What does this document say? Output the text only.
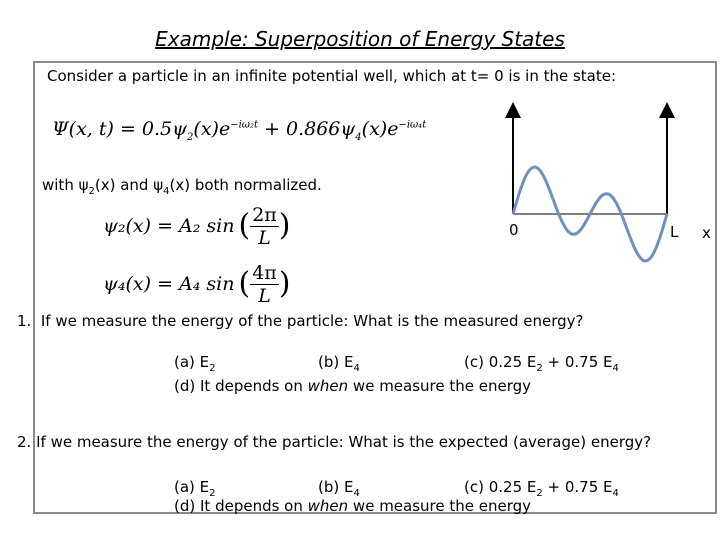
Example: Superposition of Energy States
Consider a particle in an infinite potential well, which at t= 0 is in the state:
Ψ(x, $t) = 0.5\psi_2(x)e^{-i\omega_2t} + 0.866\psi_4(x)e^{-i\omega_4t}$
with $\psi_2(x)$ and $\psi_4(x)$ both normalized.
ψ₂(x) = A₂ sin ( $\frac{2\pi}{L}$ )
ψ₄(x) = A₄ sin ( $\frac{4\pi}{L}$ )
0	L x
1. If we measure the energy of the particle: What is the measured energy?
(a) $E_2$	(b) $E_4$	(c) 0.25 $E_2 + 0.75$ $E_4$
(d) It depends on when we measure the energy
2. If we measure the energy of the particle: What is the expected (average) energy?
(a) $E_2$	(b) $E_4$	(c) 0.25 $E_2 + 0.75$ $E_4$
(d) It depends on when we measure the energy
